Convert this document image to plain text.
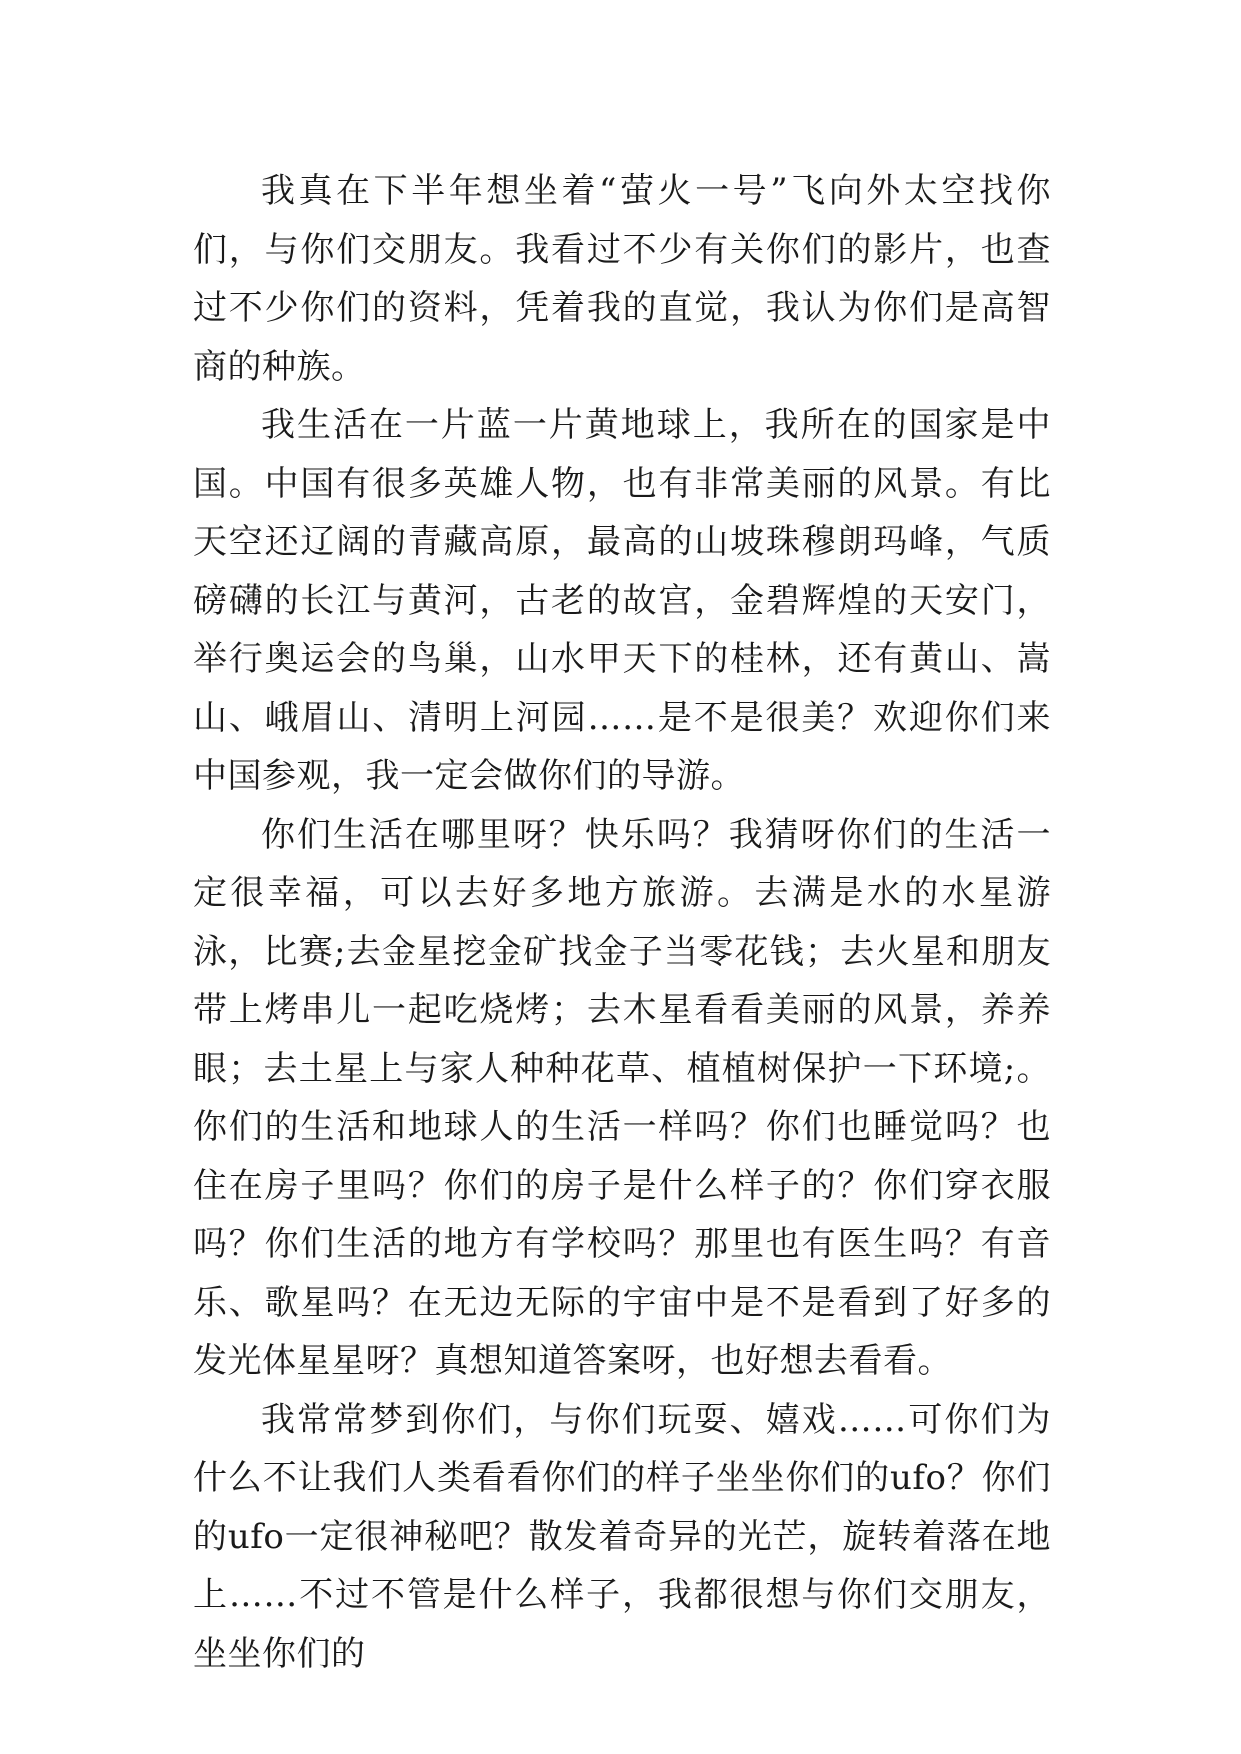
我真在下半年想坐着“萤火一号”飞向外太空找你们，与你们交朋友。我看过不少有关你们的影片，也查过不少你们的资料，凭着我的直觉，我认为你们是高智商的种族。

我生活在一片蓝一片黄地球上，我所在的国家是中国。中国有很多英雄人物，也有非常美丽的风景。有比天空还辽阔的青藏高原，最高的山坡珠穆朗玛峰，气质磅礴的长江与黄河，古老的故宫，金碧辉煌的天安门，举行奥运会的鸟巢，山水甲天下的桂林，还有黄山、嵩山、峨眉山、清明上河园……是不是很美？欢迎你们来中国参观，我一定会做你们的导游。

你们生活在哪里呀？快乐吗？我猜呀你们的生活一定很幸福，可以去好多地方旅游。去满是水的水星游泳，比赛;去金星挖金矿找金子当零花钱；去火星和朋友带上烤串儿一起吃烧烤；去木星看看美丽的风景，养养眼；去土星上与家人种种花草、植植树保护一下环境;。你们的生活和地球人的生活一样吗？你们也睡觉吗？也住在房子里吗？你们的房子是什么样子的？你们穿衣服吗？你们生活的地方有学校吗？那里也有医生吗？有音乐、歌星吗？在无边无际的宇宙中是不是看到了好多的发光体星星呀？真想知道答案呀，也好想去看看。

我常常梦到你们，与你们玩耍、嬉戏……可你们为什么不让我们人类看看你们的样子坐坐你们的ufo？你们的ufo一定很神秘吧？散发着奇异的光芒，旋转着落在地上……不过不管是什么样子，我都很想与你们交朋友，坐坐你们的
